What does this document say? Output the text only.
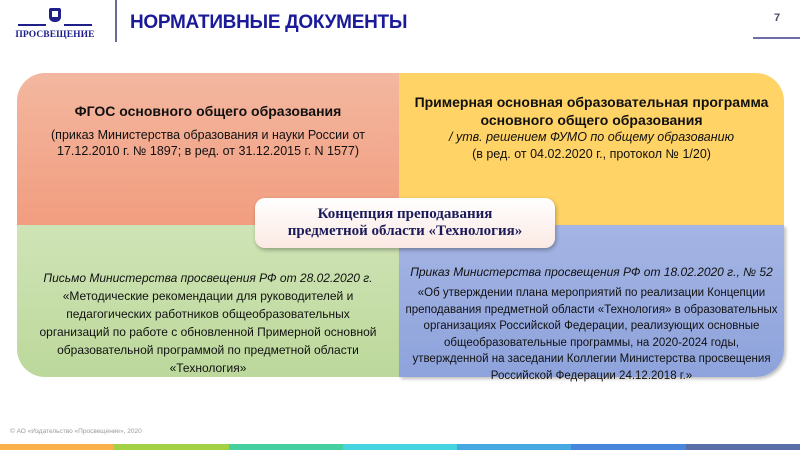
ПРОСВЕЩЕНИЕ
НОРМАТИВНЫЕ ДОКУМЕНТЫ	7
ФГОС основного общего образования
(приказ Министерства образования и науки России от 17.12.2010 г. № 1897; в ред. от 31.12.2015 г. N 1577)
Примерная основная образовательная программа основного общего образования
/ утв. решением ФУМО по общему образованию
(в ред. от 04.02.2020 г., протокол № 1/20)
Письмо Министерства просвещения РФ от 28.02.2020 г.
«Методические рекомендации для руководителей и педагогических работников общеобразовательных организаций по работе с обновленной Примерной основной образовательной программой по предметной области «Технология»
Приказ Министерства просвещения РФ от 18.02.2020 г., № 52
«Об утверждении плана мероприятий по реализации Концепции преподавания предметной области «Технология» в образовательных организациях Российской Федерации, реализующих основные общеобразовательные программы, на 2020-2024 годы, утвержденной на заседании Коллегии Министерства просвещения Российской Федерации 24.12.2018 г.»
Концепция преподавания
предметной области «Технология»
© АО «Издательство «Просвещение», 2020
